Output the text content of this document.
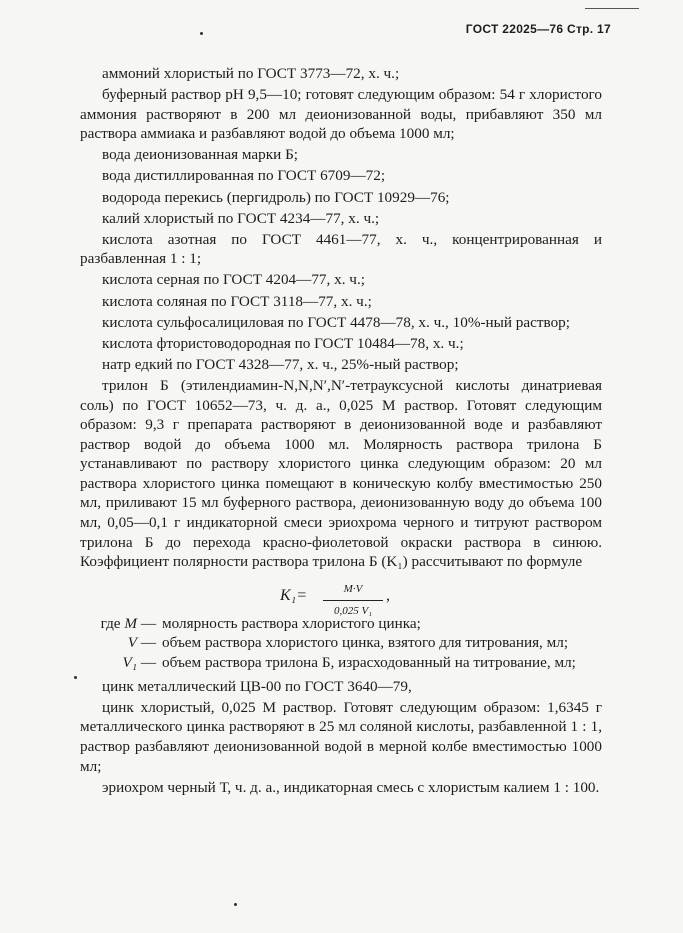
ГОСТ 22025—76 Стр. 17

аммоний хлористый по ГОСТ 3773—72, х. ч.;

буферный раствор рН 9,5—10; готовят следующим образом: 54 г хлористого аммония растворяют в 200 мл деионизованной воды, прибавляют 350 мл раствора аммиака и разбавляют водой до объема 1000 мл;

вода деионизованная марки Б;

вода дистиллированная по ГОСТ 6709—72;

водорода перекись (пергидроль) по ГОСТ 10929—76;

калий хлористый по ГОСТ 4234—77, х. ч.;

кислота азотная по ГОСТ 4461—77, х. ч., концентрированная и разбавленная 1 : 1;

кислота серная по ГОСТ 4204—77, х. ч.;

кислота соляная по ГОСТ 3118—77, х. ч.;

кислота сульфосалициловая по ГОСТ 4478—78, х. ч., 10%-ный раствор;

кислота фтористоводородная по ГОСТ 10484—78, х. ч.;

натр едкий по ГОСТ 4328—77, х. ч., 25%-ный раствор;

трилон Б (этилендиамин-N,N,N′,N′-тетрауксусной кислоты динатриевая соль) по ГОСТ 10652—73, ч. д. а., 0,025 М раствор. Готовят следующим образом: 9,3 г препарата растворяют в деионизованной воде и разбавляют раствор водой до объема 1000 мл. Молярность раствора трилона Б устанавливают по раствору хлористого цинка следующим образом: 20 мл раствора хлористого цинка помещают в коническую колбу вместимостью 250 мл, приливают 15 мл буферного раствора, деионизованную воду до объема 100 мл, 0,05—0,1 г индикаторной смеси эриохрома черного и титруют раствором трилона Б до перехода красно-фиолетовой окраски раствора в синюю. Коэффициент полярности раствора трилона Б (K₁) рассчитывают по формуле

$K_1= \frac{M\cdot V}{\text{0,025 V₁}}$ ,
где M — молярность раствора хлористого цинка;
V — объем раствора хлористого цинка, взятого для титрования, мл;
V₁ — объем раствора трилона Б, израсходованный на титрование, мл;

цинк металлический ЦВ-00 по ГОСТ 3640—79,

цинк хлористый, 0,025 М раствор. Готовят следующим образом: 1,6345 г металлического цинка растворяют в 25 мл соляной кислоты, разбавленной 1 : 1, раствор разбавляют деионизованной водой в мерной колбе вместимостью 1000 мл;

эриохром черный Т, ч. д. а., индикаторная смесь с хлористым калием 1 : 100.
